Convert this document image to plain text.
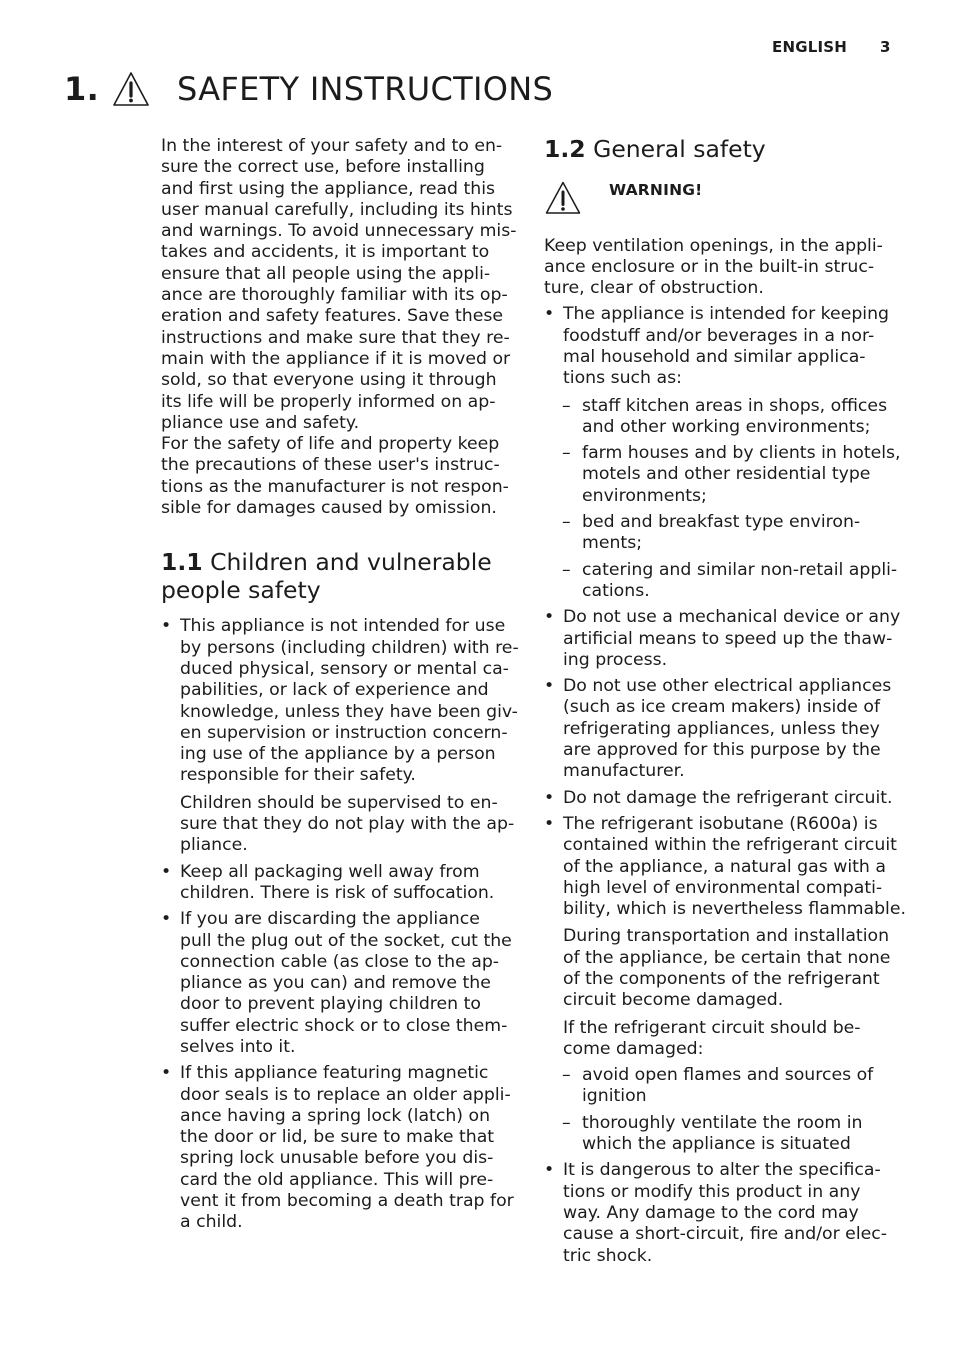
ENGLISH	3
1. SAFETY INSTRUCTIONS

In the interest of your safety and to en-

sure the correct use, before installing

and first using the appliance, read this

user manual carefully, including its hints

and warnings. To avoid unnecessary mis-

takes and accidents, it is important to

ensure that all people using the appli-

ance are thoroughly familiar with its op-

eration and safety features. Save these

instructions and make sure that they re-

main with the appliance if it is moved or

sold, so that everyone using it through

its life will be properly informed on ap-

pliance use and safety.

For the safety of life and property keep

the precautions of these user's instruc-

tions as the manufacturer is not respon-

sible for damages caused by omission.

1.1 Children and vulnerable

people safety

• This appliance is not intended for use

by persons (including children) with re-

duced physical, sensory or mental ca-

pabilities, or lack of experience and

knowledge, unless they have been giv-

en supervision or instruction concern-

ing use of the appliance by a person

responsible for their safety.

Children should be supervised to en-

sure that they do not play with the ap-

pliance.

• Keep all packaging well away from

children. There is risk of suffocation.

• If you are discarding the appliance

pull the plug out of the socket, cut the

connection cable (as close to the ap-

pliance as you can) and remove the

door to prevent playing children to

suffer electric shock or to close them-

selves into it.

• If this appliance featuring magnetic

door seals is to replace an older appli-

ance having a spring lock (latch) on

the door or lid, be sure to make that

spring lock unusable before you dis-

card the old appliance. This will pre-

vent it from becoming a death trap for

a child.

1.2 General safety

WARNING!

Keep ventilation openings, in the appli-

ance enclosure or in the built-in struc-

ture, clear of obstruction.

• The appliance is intended for keeping

foodstuff and/or beverages in a nor-

mal household and similar applica-

tions such as:

– staff kitchen areas in shops, offices

and other working environments;

– farm houses and by clients in hotels,

motels and other residential type

environments;

– bed and breakfast type environ-

ments;

– catering and similar non-retail appli-

cations.

• Do not use a mechanical device or any

artificial means to speed up the thaw-

ing process.

• Do not use other electrical appliances

(such as ice cream makers) inside of

refrigerating appliances, unless they

are approved for this purpose by the

manufacturer.

• Do not damage the refrigerant circuit.

• The refrigerant isobutane (R600a) is

contained within the refrigerant circuit

of the appliance, a natural gas with a

high level of environmental compati-

bility, which is nevertheless flammable.

During transportation and installation

of the appliance, be certain that none

of the components of the refrigerant

circuit become damaged.

If the refrigerant circuit should be-

come damaged:

– avoid open flames and sources of

ignition

– thoroughly ventilate the room in

which the appliance is situated

• It is dangerous to alter the specifica-

tions or modify this product in any

way. Any damage to the cord may

cause a short-circuit, fire and/or elec-

tric shock.
